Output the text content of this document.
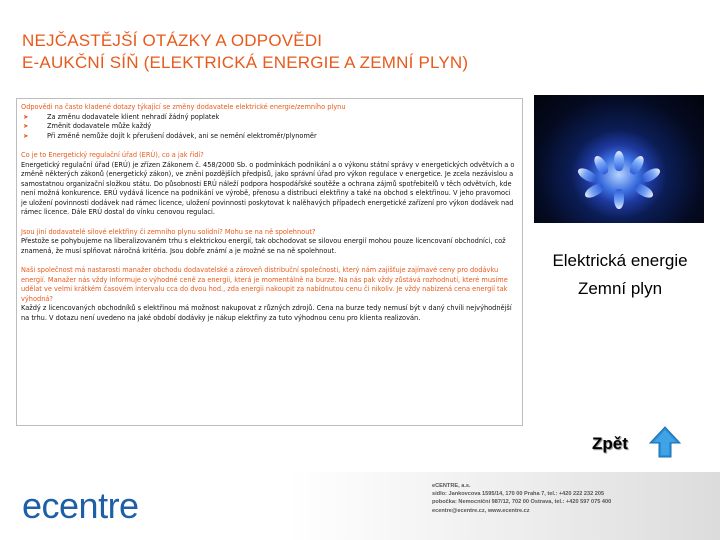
NEJČASTĚJŠÍ OTÁZKY A ODPOVĚDI
E-AUKČNÍ SÍŇ (ELEKTRICKÁ ENERGIE A ZEMNÍ PLYN)
Odpovědi na často kladené dotazy týkající se změny dodavatele elektrické energie/zemního plynu
➤	Za změnu dodavatele klient nehradí žádný poplatek
➤	Změnit dodavatele může každý
➤	Při změně nemůže dojít k přerušení dodávek, ani se nemění elektroměr/plynoměr
Co je to Energetický regulační úřad (ERÚ), co a jak řídí?
Energetický regulační úřad (ERÚ) je zřízen Zákonem č. 458/2000 Sb. o podmínkách podnikání a o výkonu státní správy v energetických odvětvích a o změně některých zákonů (energetický zákon), ve znění pozdějších předpisů, jako správní úřad pro výkon regulace v energetice. Je zcela nezávislou a samostatnou organizační složkou státu. Do působnosti ERÚ náleží podpora hospodářské soutěže a ochrana zájmů spotřebitelů v těch odvětvích, kde není možná konkurence. ERÚ vydává licence na podnikání ve výrobě, přenosu a distribuci elektřiny a také na obchod s elektřinou. V jeho pravomoci je uložení povinnosti dodávek nad rámec licence, uložení povinnosti poskytovat k nalěhavých případech energetické zařízení pro výkon dodávek nad rámec licence. Dále ERÚ dostal do vínku cenovou regulaci.
Jsou jiní dodavatelé silové elektřiny či zemního plynu solidní? Mohu se na ně spolehnout?
Přestože se pohybujeme na liberalizovaném trhu s elektrickou energií, tak obchodovat se silovou energií mohou pouze licencovaní obchodníci, což znamená, že musí splňovat náročná kritéria. Jsou dobře známí a je možné se na ně spolehnout.
Naši společnost má nastarosti manažer obchodu dodavatelské a zároveň distribuční společnosti, který nám zajišťuje zajímavé ceny pro dodávku energií. Manažer nás vždy informuje o výhodné ceně za energii, která je momentálně na burze. Na nás pak vždy zůstává rozhodnutí, které musíme udělat ve velmi krátkém časovém intervalu cca do dvou hod., zda energii nakoupit za nabídnutou cenu či nikoliv. Je vždy nabízená cena energií tak výhodná?
Každý z licencovaných obchodníků s elektřinou má možnost nakupovat z různých zdrojů. Cena na burze tedy nemusí být v daný chvíli nejvýhodnější na trhu. V dotazu není uvedeno na jaké období dodávky je nákup elektřiny za tuto výhodnou cenu pro klienta realizován.
Elektrická energie
Zemní plyn
Zpět
ecentre	eCENTRE, a.s.
sídlo: Jankovcova 1595/14, 170 00 Praha 7, tel.: +420 222 232 205
pobočka: Nemocniční 987/12, 702 00 Ostrava, tel.: +420 597 075 400
ecentre@ecentre.cz, www.ecentre.cz
